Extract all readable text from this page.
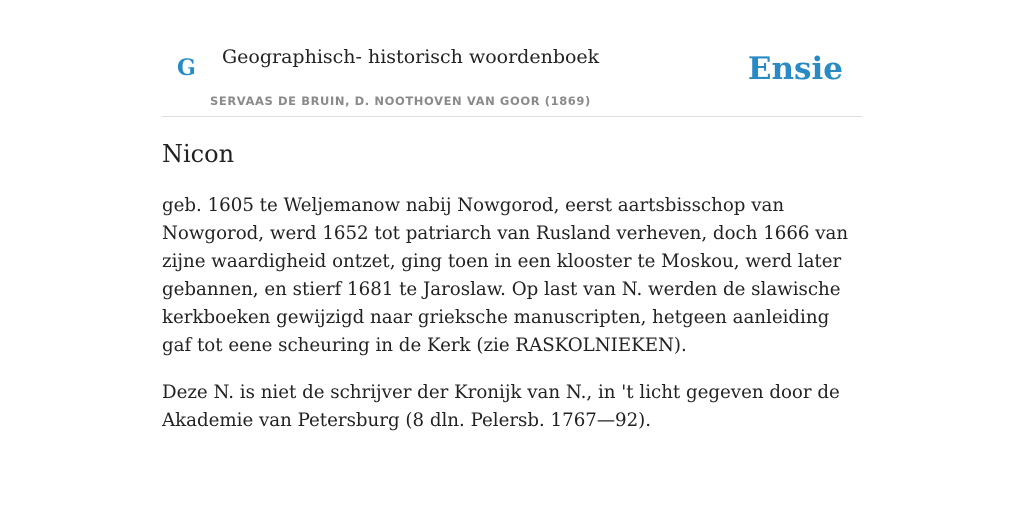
G Geographisch- historisch woordenboek
SERVAAS DE BRUIN, D. NOOTHOVEN VAN GOOR (1869)
Ensie
Nicon

geb. 1605 te Weljemanow nabij Nowgorod, eerst aartsbisschop van Nowgorod, werd 1652 tot patriarch van Rusland verheven, doch 1666 van zijne waardigheid ontzet, ging toen in een klooster te Moskou, werd later gebannen, en stierf 1681 te Jaroslaw. Op last van N. werden de slawische kerkboeken gewijzigd naar grieksche manuscripten, hetgeen aanleiding gaf tot eene scheuring in de Kerk (zie RASKOLNIEKEN).

Deze N. is niet de schrijver der Kronijk van N., in 't licht gegeven door de Akademie van Petersburg (8 dln. Pelersb. 1767—92).
